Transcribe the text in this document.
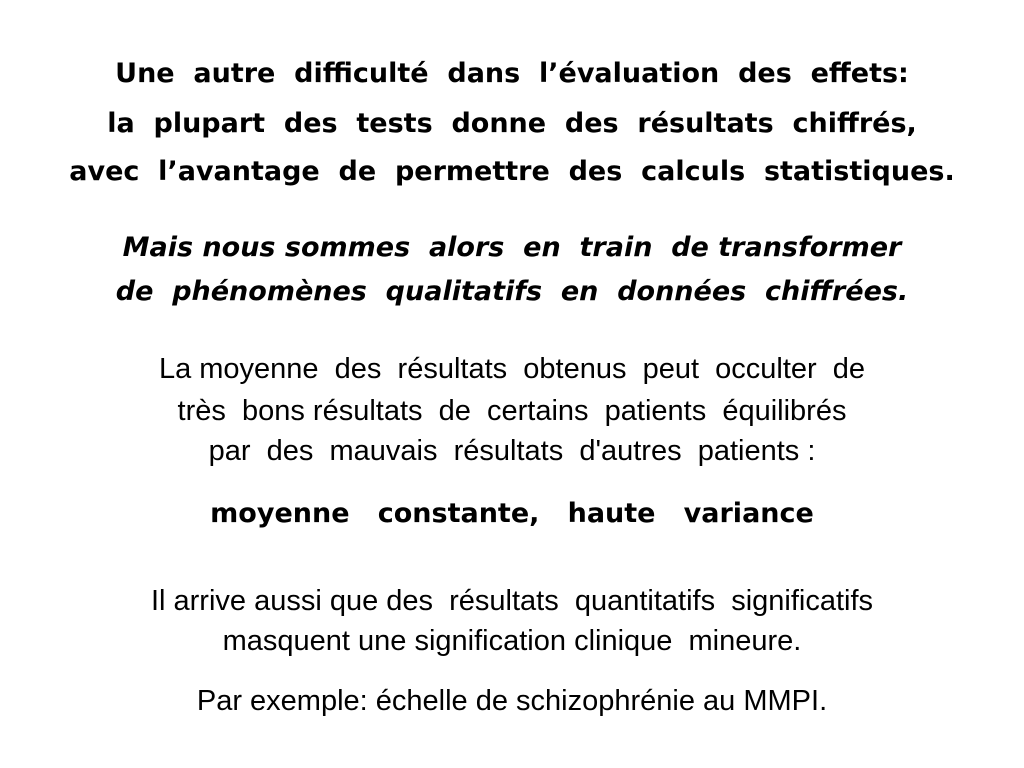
Une  autre  difficulté  dans  l’évaluation  des  effets:
la  plupart  des  tests  donne  des  résultats  chiffrés,
avec  l’avantage  de  permettre  des  calculs  statistiques.
Mais nous sommes  alors  en  train  de transformer
de  phénomènes  qualitatifs  en  données  chiffrées.
La moyenne  des  résultats  obtenus  peut  occulter  de
très  bons résultats  de  certains  patients  équilibrés
par  des  mauvais  résultats  d'autres  patients :
moyenne   constante,   haute   variance
Il arrive aussi que des  résultats  quantitatifs  significatifs
masquent une signification clinique  mineure.
Par exemple: échelle de schizophrénie au MMPI.
